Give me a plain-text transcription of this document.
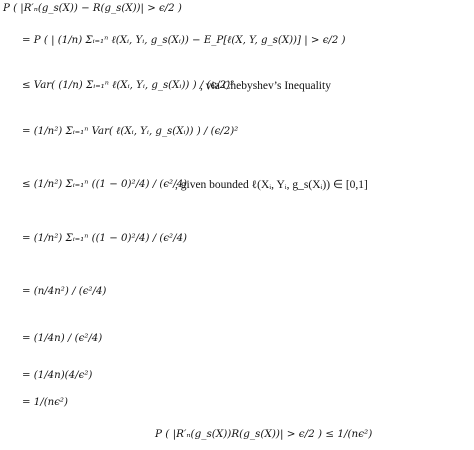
P ( |R′ₙ(g_s(X)) − R(g_s(X))| > ϵ/2 )
= P ( | (1/n) Σᵢ₌₁ⁿ ℓ(Xᵢ, Yᵢ, g_s(Xᵢ)) − E_P[ℓ(X, Y, g_s(X))] | > ϵ/2 )
≤ Var( (1/n) Σᵢ₌₁ⁿ ℓ(Xᵢ, Yᵢ, g_s(Xᵢ)) ) / (ϵ/2)²
, via Chebyshev’s Inequality
= (1/n²) Σᵢ₌₁ⁿ Var( ℓ(Xᵢ, Yᵢ, g_s(Xᵢ)) ) / (ϵ/2)²
≤ (1/n²) Σᵢ₌₁ⁿ ((1 − 0)²/4) / (ϵ²/4)
, given bounded ℓ(Xᵢ, Yᵢ, g_s(Xᵢ)) ∈ [0,1]
= (1/n²) Σᵢ₌₁ⁿ ((1 − 0)²/4) / (ϵ²/4)
= (n/4n²) / (ϵ²/4)
= (1/4n) / (ϵ²/4)
= (1/4n)(4/ϵ²)
= 1/(nϵ²)
P ( |R′ₙ(g_s(X))R(g_s(X))| > ϵ/2 ) ≤ 1/(nϵ²)
